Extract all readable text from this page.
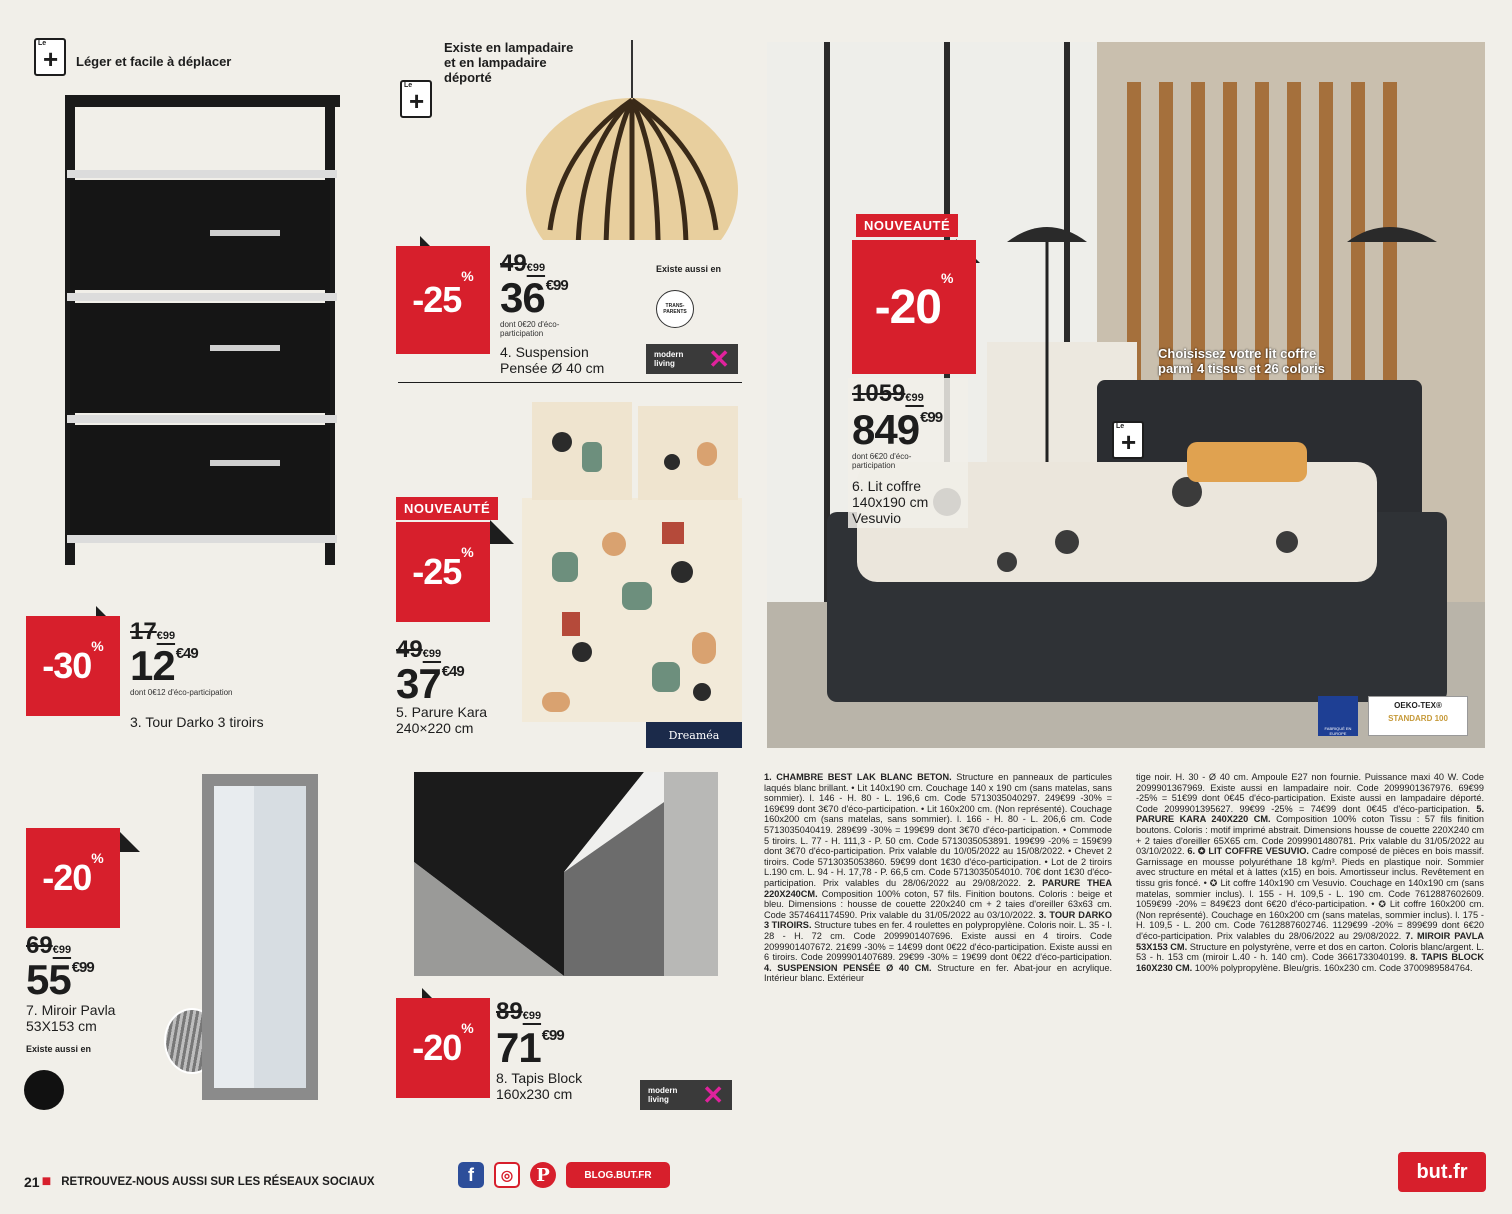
Le
+ Léger et facile à déplacer
-30 %
17€99
12€49
dont 0€12 d'éco-participation
3. Tour Darko 3 tiroirs
-20 %
69€99
55€99
7. Miroir Pavla
53X153 cm
Existe aussi en
Le
+
Existe en lampadaire
et en lampadaire
déporté
-25
% 49€99
36€99
dont 0€20 d'éco-participation
4. Suspension
Pensée Ø 40 cm
Existe aussi en
TRANS-PARENTS
modern living	✕
NOUVEAUTÉ
-25 %
49€99
37€49
5. Parure Kara
240×220 cm	Dreaméa
-20 %
89€99
71€99
8. Tapis Block
160x230 cm	modern living	✕
NOUVEAUTÉ
-20
%
Le
+
Choisissez votre lit coffre
parmi 4 tissus et 26 coloris
1059€99
849€99
dont 6€20 d'éco-participation
6. Lit coffre
140x190 cm
Vesuvio
FABRIQUÉ EN EUROPE
OEKO-TEX®
STANDARD 100
1. CHAMBRE BEST LAK BLANC BETON. Structure en panneaux de particules laqués blanc brillant. • Lit 140x190 cm. Couchage 140 x 190 cm (sans matelas, sans sommier). l. 146 - H. 80 - L. 196,6 cm. Code 5713035040297. 249€99 -30% = 169€99 dont 3€70 d'éco-participation. • Lit 160x200 cm. (Non représenté). Couchage 160x200 cm (sans matelas, sans sommier). l. 166 - H. 80 - L. 206,6 cm. Code 5713035040419. 289€99 -30% = 199€99 dont 3€70 d'éco-participation. • Commode 5 tiroirs. L. 77 - H. 111,3 - P. 50 cm. Code 5713035053891. 199€99 -20% = 159€99 dont 3€70 d'éco-participation. Prix valable du 10/05/2022 au 15/08/2022. • Chevet 2 tiroirs. Code 5713035053860. 59€99 dont 1€30 d'éco-participation. • Lot de 2 tiroirs L.190 cm. L. 94 - H. 17,78 - P. 66,5 cm. Code 5713035054010. 70€ dont 1€30 d'éco-participation. Prix valables du 28/06/2022 au 29/08/2022. 2. PARURE THEA 220X240CM. Composition 100% coton, 57 fils. Finition boutons. Coloris : beige et bleu. Dimensions : housse de couette 220x240 cm + 2 taies d'oreiller 63x63 cm. Code 3574641174590. Prix valable du 31/05/2022 au 03/10/2022. 3. TOUR DARKO 3 TIROIRS. Structure tubes en fer. 4 roulettes en polypropylène. Coloris noir. L. 35 - l. 28 - H. 72 cm. Code 2099901407696. Existe aussi en 4 tiroirs. Code 2099901407672. 21€99 -30% = 14€99 dont 0€22 d'éco-participation. Existe aussi en 6 tiroirs. Code 2099901407689. 29€99 -30% = 19€99 dont 0€22 d'éco-participation. 4. SUSPENSION PENSÉE Ø 40 CM. Structure en fer. Abat-jour en acrylique. Intérieur blanc. Extérieur
tige noir. H. 30 - Ø 40 cm. Ampoule E27 non fournie. Puissance maxi 40 W. Code 2099901367969. Existe aussi en lampadaire noir. Code 2099901367976. 69€99 -25% = 51€99 dont 0€45 d'éco-participation. Existe aussi en lampadaire déporté. Code 2099901395627. 99€99 -25% = 74€99 dont 0€45 d'éco-participation. 5. PARURE KARA 240X220 CM. Composition 100% coton Tissu : 57 fils finition boutons. Coloris : motif imprimé abstrait. Dimensions housse de couette 220X240 cm + 2 taies d'oreiller 65X65 cm. Code 2099901480781. Prix valable du 31/05/2022 au 03/10/2022. 6. ✪ LIT COFFRE VESUVIO. Cadre composé de pièces en bois massif. Garnissage en mousse polyuréthane 18 kg/m³. Pieds en plastique noir. Sommier avec structure en métal et à lattes (x15) en bois. Amortisseur inclus. Revêtement en tissu gris foncé. • ✪ Lit coffre 140x190 cm Vesuvio. Couchage en 140x190 cm (sans matelas, sommier inclus). l. 155 - H. 109,5 - L. 190 cm. Code 7612887602609. 1059€99 -20% = 849€23 dont 6€20 d'éco-participation. • ✪ Lit coffre 160x200 cm. (Non représenté). Couchage en 160x200 cm (sans matelas, sommier inclus). l. 175 - H. 109,5 - L. 200 cm. Code 7612887602746. 1129€99 -20% = 899€99 dont 6€20 d'éco-participation. Prix valables du 28/06/2022 au 29/08/2022. 7. MIROIR PAVLA 53X153 CM. Structure en polystyrène, verre et dos en carton. Coloris blanc/argent. L. 53 - h. 153 cm (miroir L.40 - h. 140 cm). Code 3661733040199. 8. TAPIS BLOCK 160X230 CM. 100% polypropylène. Bleu/gris. 160x230 cm. Code 3700989584764.
21 ■ RETROUVEZ-NOUS AUSSI SUR LES RÉSEAUX SOCIAUX	f	◎	P	BLOG.BUT.FR	but.fr
